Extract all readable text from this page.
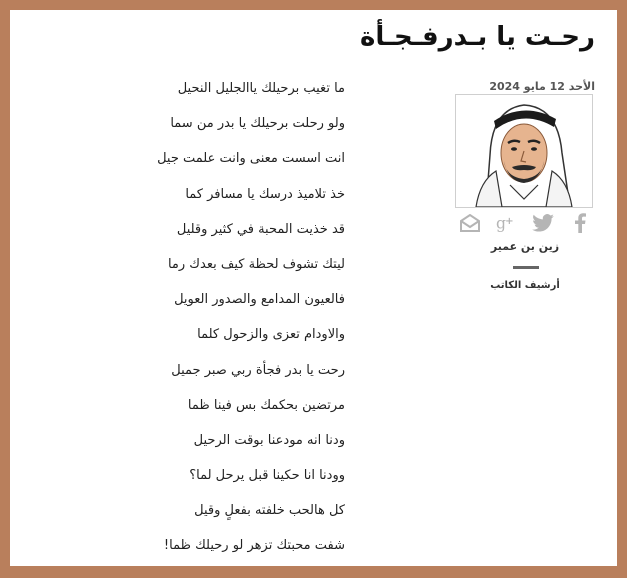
رحـت يا بـدرفـجـأة
الأحد 12 مايو 2024
g +
زين بن عمير
أرشيف الكاتب
ما تغيب برحيلك ياالجليل النحيل
ولو رحلت برحيلك يا بدر من سما
انت اسست معنى وانت علمت جيل
خذ تلاميذ درسك يا مسافر كما
قد خذيت المحبة في كثير وقليل
ليتك تشوف لحظة كيف بعدك رما
فالعيون المدامع والصدور العويل
والاودام تعزى والزحول كلما
رحت يا بدر فجأة ربي صبر جميل
مرتضين بحكمك بس فينا ظما
ودنا انه مودعنا بوقت الرحيل
وودنا انا حكينا قبل يرحل لما؟
كل هالحب خلفته بفعلٍ وقيل
شفت محبتك تزهر لو رحيلك ظما!
